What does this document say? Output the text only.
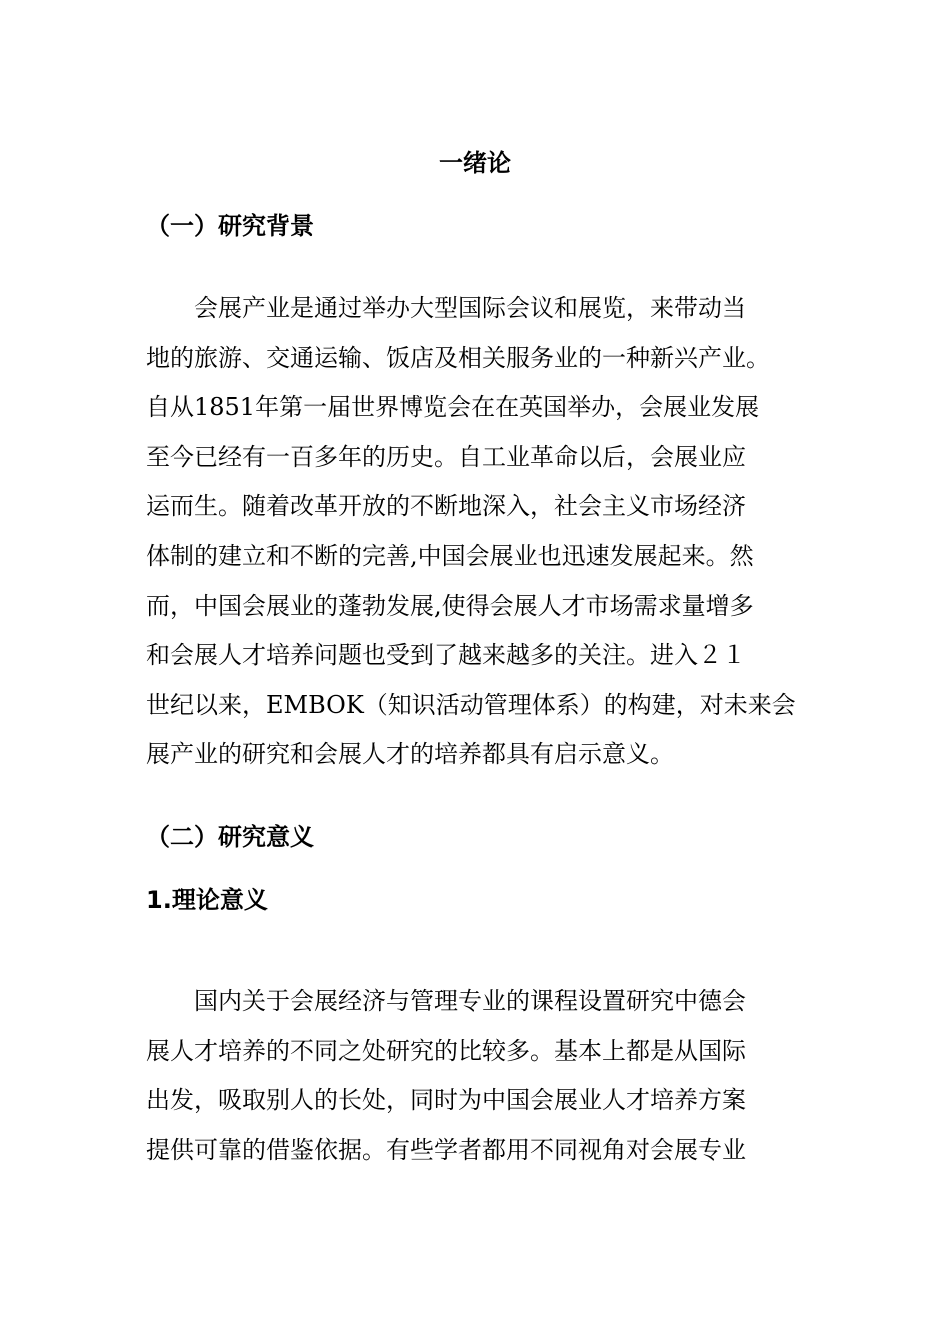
一绪论
（一）研究背景
　　会展产业是通过举办大型国际会议和展览，来带动当
地的旅游、交通运输、饭店及相关服务业的一种新兴产业。
自从1851年第一届世界博览会在在英国举办，会展业发展
至今已经有一百多年的历史。自工业革命以后，会展业应
运而生。随着改革开放的不断地深入，社会主义市场经济
体制的建立和不断的完善,中国会展业也迅速发展起来。然
而，中国会展业的蓬勃发展,使得会展人才市场需求量增多
和会展人才培养问题也受到了越来越多的关注。进入２１
世纪以来，EMBOK（知识活动管理体系）的构建，对未来会
展产业的研究和会展人才的培养都具有启示意义。
（二）研究意义
1.理论意义
　　国内关于会展经济与管理专业的课程设置研究中德会
展人才培养的不同之处研究的比较多。基本上都是从国际
出发，吸取别人的长处，同时为中国会展业人才培养方案
提供可靠的借鉴依据。有些学者都用不同视角对会展专业
